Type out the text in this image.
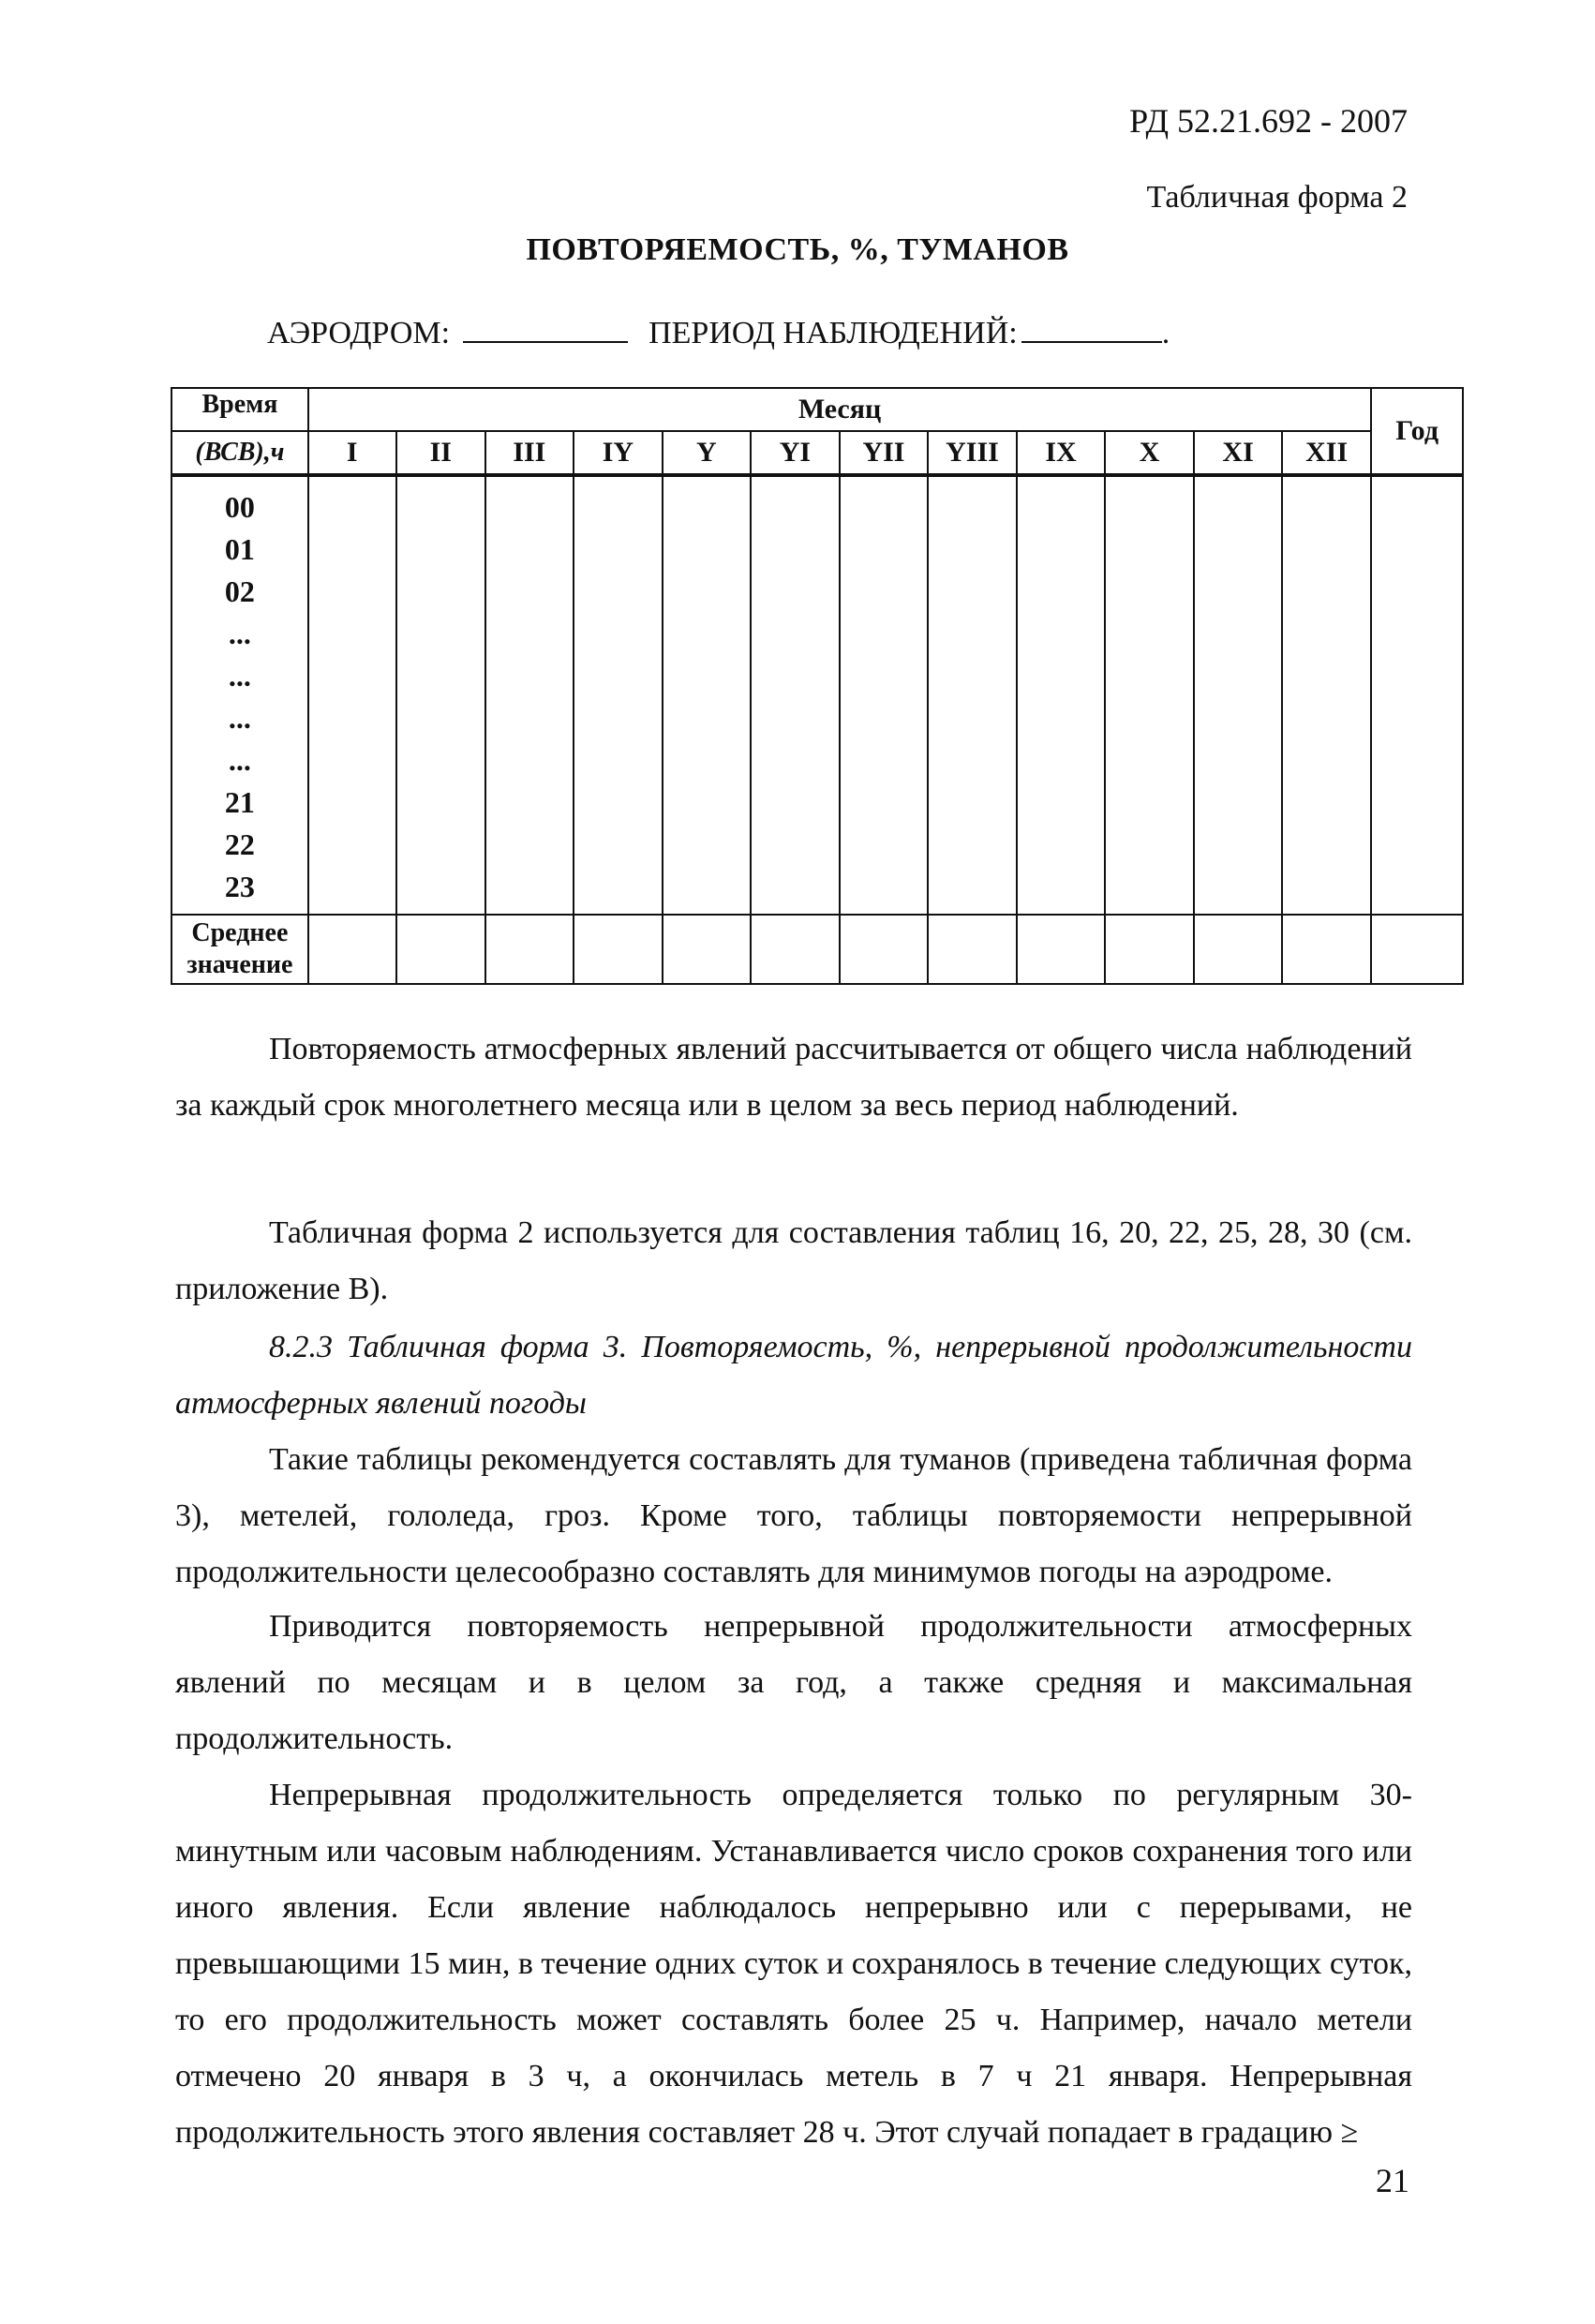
РД 52.21.692 - 2007
Табличная форма 2
ПОВТОРЯЕМОСТЬ, %, ТУМАНОВ
АЭРОДРОМ:	ПЕРИОД НАБЛЮДЕНИЙ:	.
Время	Месяц												Год
(ВСВ),ч	I	II	III	IY	Y	YI	YII	YIII	IX	X	XI	XII	
00													
01													
02													
...													
...													
...													
...													
21													
22													
23													

Среднее
значение													

Повторяемость атмосферных явлений рассчитывается от общего числа наблюдений за каждый срок многолетнего месяца или в целом за весь период наблюдений.

Табличная форма 2 используется для составления таблиц 16, 20, 22, 25, 28, 30 (см. приложение В).

8.2.3 Табличная форма 3. Повторяемость, %, непрерывной продолжительности атмосферных явлений погоды

Такие таблицы рекомендуется составлять для туманов (приведена табличная форма 3), метелей, гололеда, гроз. Кроме того, таблицы повторяемости непрерывной продолжительности целесообразно составлять для минимумов погоды на аэродроме.

Приводится повторяемость непрерывной продолжительности атмосферных явлений по месяцам и в целом за год, а также средняя и максимальная продолжительность.

Непрерывная продолжительность определяется только по регулярным 30-минутным или часовым наблюдениям. Устанавливается число сроков сохранения того или иного явления. Если явление наблюдалось непрерывно или с перерывами, не превышающими 15 мин, в течение одних суток и сохранялось в течение следующих суток, то его продолжительность может составлять более 25 ч. Например, начало метели отмечено 20 января в 3 ч, а окончилась метель в 7 ч 21 января. Непрерывная продолжительность этого явления составляет 28 ч. Этот случай попадает в градацию ≥

21
